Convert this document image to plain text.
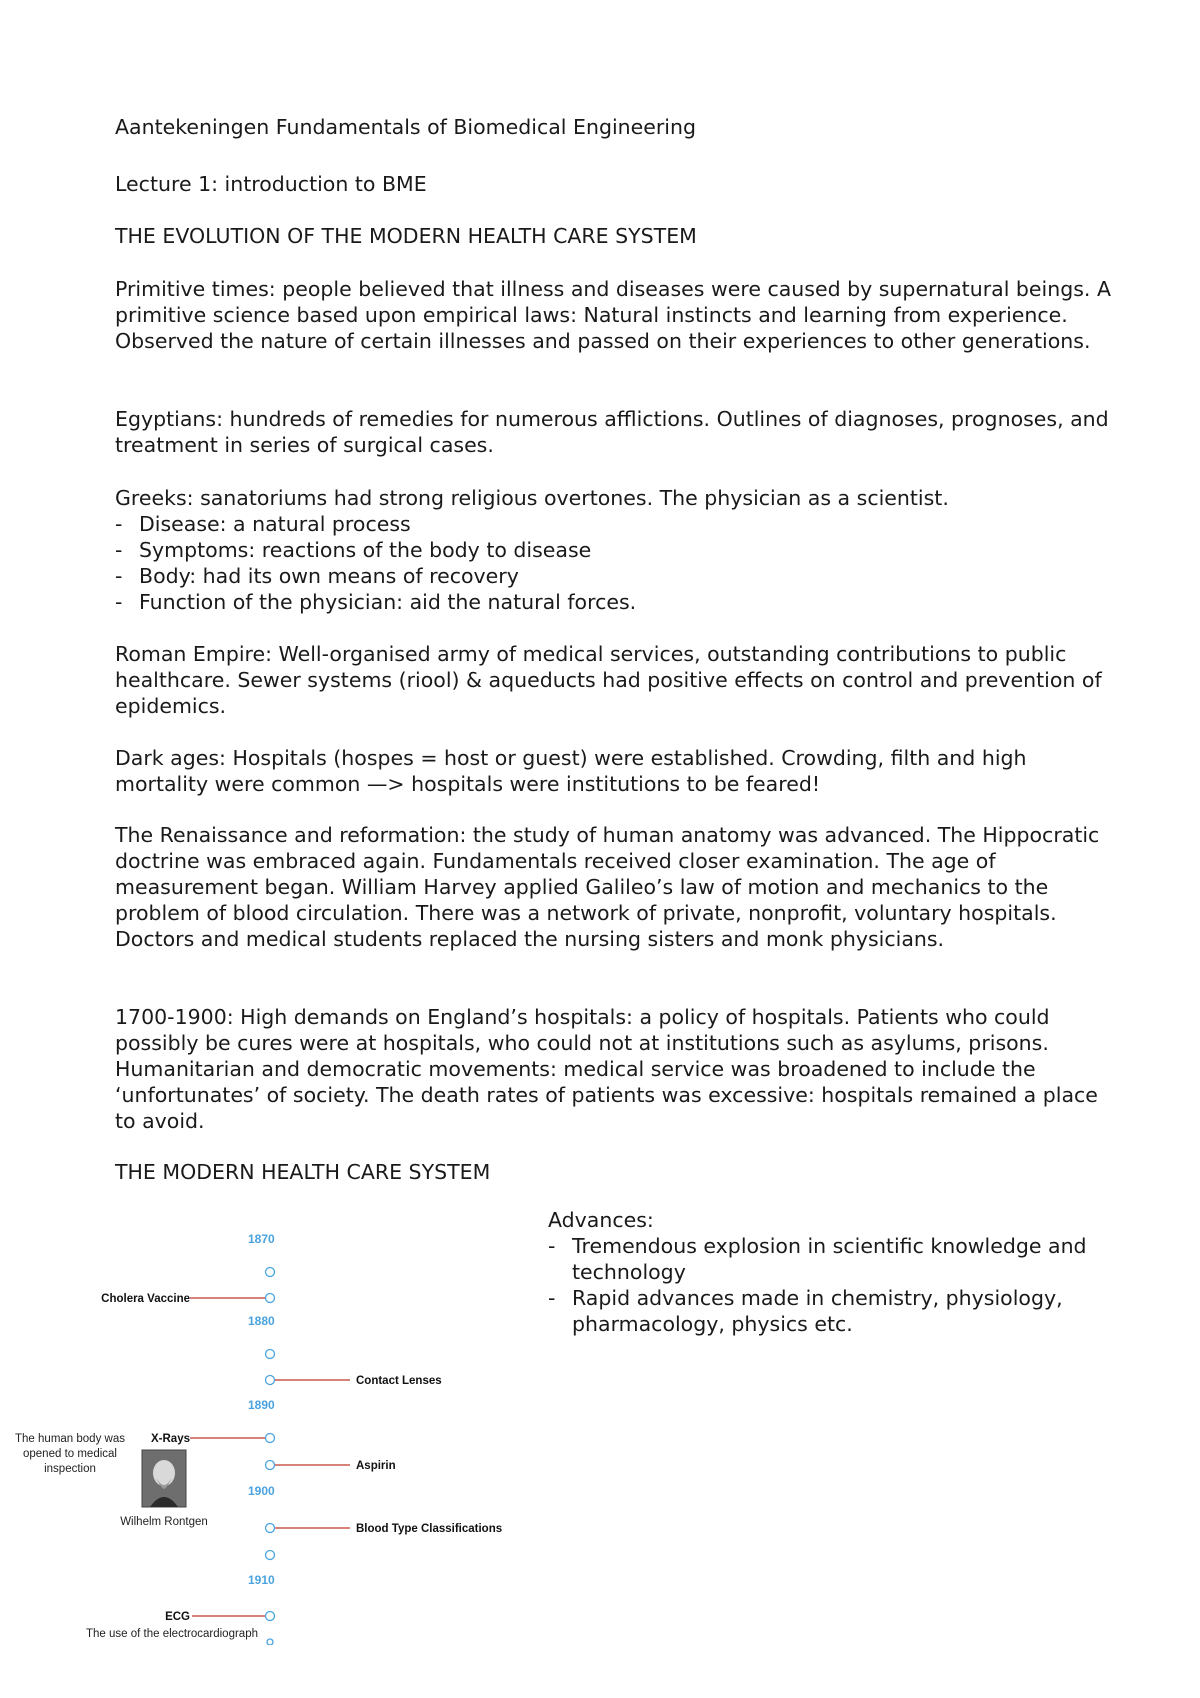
Aantekeningen Fundamentals of Biomedical Engineering
Lecture 1: introduction to BME
THE EVOLUTION OF THE MODERN HEALTH CARE SYSTEM

Primitive times: people believed that illness and diseases were caused by supernatural beings. A primitive science based upon empirical laws: Natural instincts and learning from experience. Observed the nature of certain illnesses and passed on their experiences to other generations.

Egyptians: hundreds of remedies for numerous afflictions. Outlines of diagnoses, prognoses, and treatment in series of surgical cases.

Greeks: sanatoriums had strong religious overtones. The physician as a scientist.

- Disease: a natural process
- Symptoms: reactions of the body to disease
- Body: had its own means of recovery
- Function of the physician: aid the natural forces.

Roman Empire: Well-organised army of medical services, outstanding contributions to public healthcare. Sewer systems (riool) & aqueducts had positive effects on control and prevention of epidemics.

Dark ages: Hospitals (hospes = host or guest) were established. Crowding, filth and high mortality were common —> hospitals were institutions to be feared!

The Renaissance and reformation: the study of human anatomy was advanced. The Hippocratic doctrine was embraced again. Fundamentals received closer examination. The age of measurement began. William Harvey applied Galileo’s law of motion and mechanics to the problem of blood circulation. There was a network of private, nonprofit, voluntary hospitals. Doctors and medical students replaced the nursing sisters and monk physicians.

1700-1900: High demands on England’s hospitals: a policy of hospitals. Patients who could possibly be cures were at hospitals, who could not at institutions such as asylums, prisons. Humanitarian and democratic movements: medical service was broadened to include the ‘unfortunates’ of society. The death rates of patients was excessive: hospitals remained a place to avoid.

THE MODERN HEALTH CARE SYSTEM
Advances:
- Tremendous explosion in scientific knowledge and technology
- Rapid advances made in chemistry, physiology, pharmacology, physics etc.
1870
1880
1890
1900
1910
Cholera Vaccine
X-Rays
ECG
Contact Lenses
Aspirin
Blood Type Classifications
The human body was
opened to medical
inspection
Wilhelm Rontgen
The use of the electrocardiograph
